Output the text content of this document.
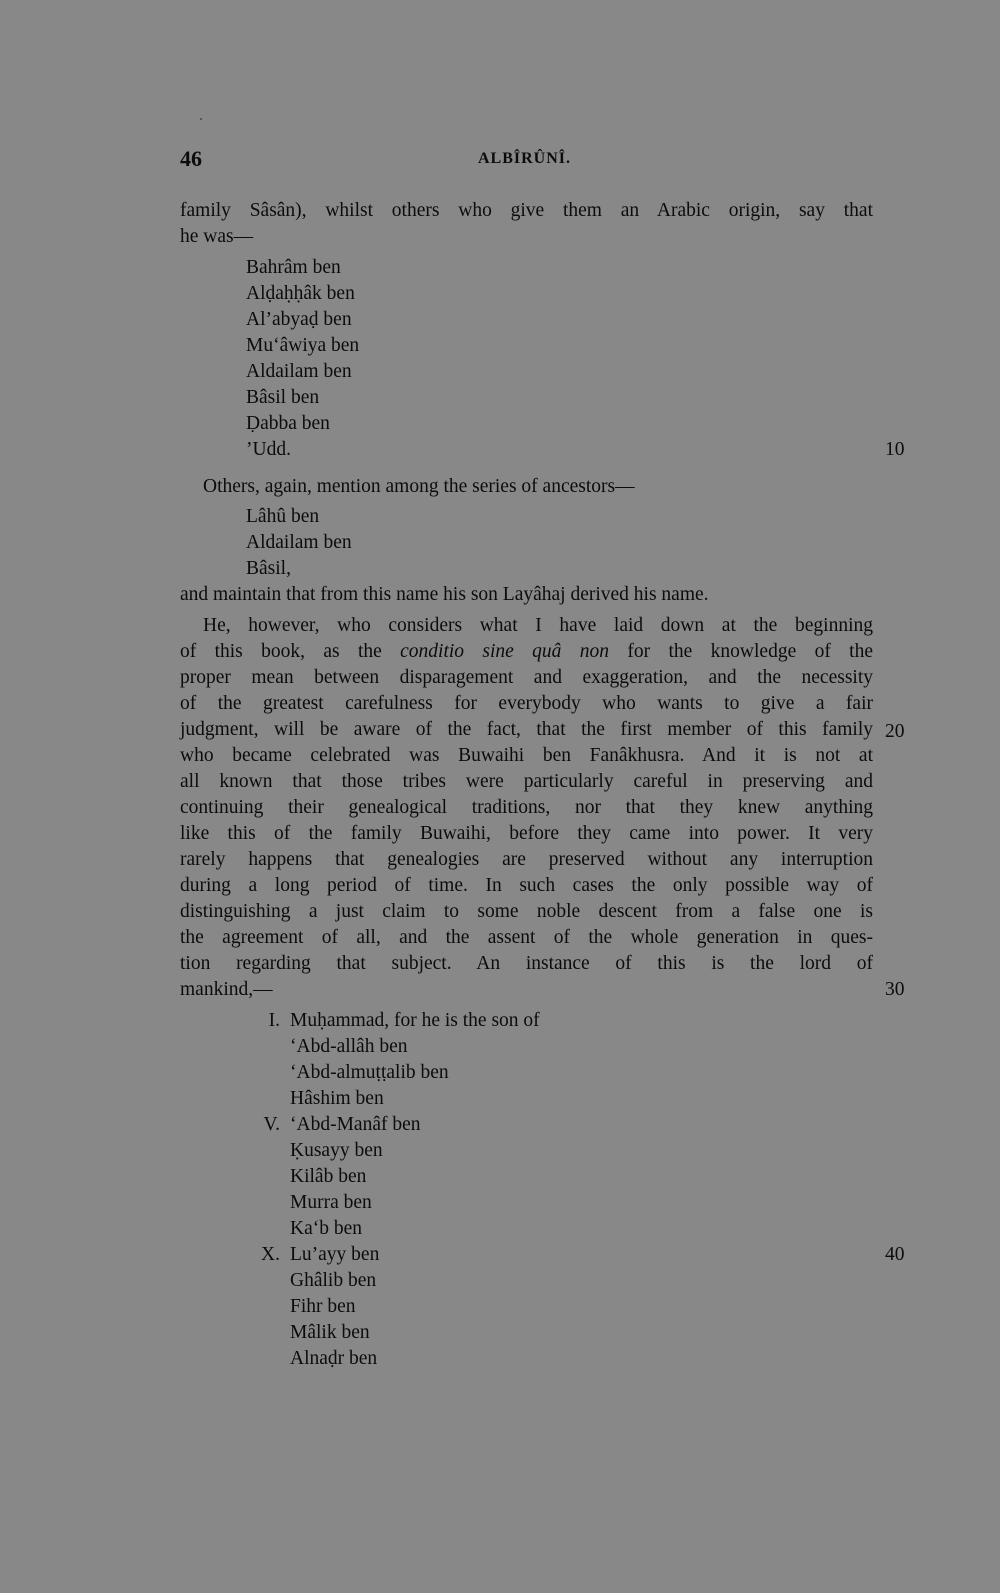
46	ALBÎRÛNÎ.
family Sâsân), whilst others who give them an Arabic origin, say that
he was—
Bahrâm ben
Alḍaḥḥâk ben
Al’abyaḍ ben
Mu‘âwiya ben
Aldailam ben
Bâsil ben
Ḍabba ben
’Udd.	10
Others, again, mention among the series of ancestors—
Lâhû ben
Aldailam ben
Bâsil,
and maintain that from this name his son Layâhaj derived his name.
He, however, who considers what I have laid down at the beginning
of this book, as the conditio sine quâ non for the knowledge of the
proper mean between disparagement and exaggeration, and the necessity
of the greatest carefulness for everybody who wants to give a fair
judgment, will be aware of the fact, that the first member of this family 20
who became celebrated was Buwaihi ben Fanâkhusra. And it is not at
all known that those tribes were particularly careful in preserving and
continuing their genealogical traditions, nor that they knew anything
like this of the family Buwaihi, before they came into power. It very
rarely happens that genealogies are preserved without any interruption
during a long period of time. In such cases the only possible way of
distinguishing a just claim to some noble descent from a false one is
the agreement of all, and the assent of the whole generation in ques-
tion regarding that subject. An instance of this is the lord of
mankind,—	30
I. Muḥammad, for he is the son of
‘Abd-allâh ben
‘Abd-almuṭṭalib ben
Hâshim ben
V. ‘Abd-Manâf ben
Ḳusayy ben
Kilâb ben
Murra ben
Ka‘b ben
X. Lu’ayy ben	40
Ghâlib ben
Fihr ben
Mâlik ben
Alnaḍr ben
